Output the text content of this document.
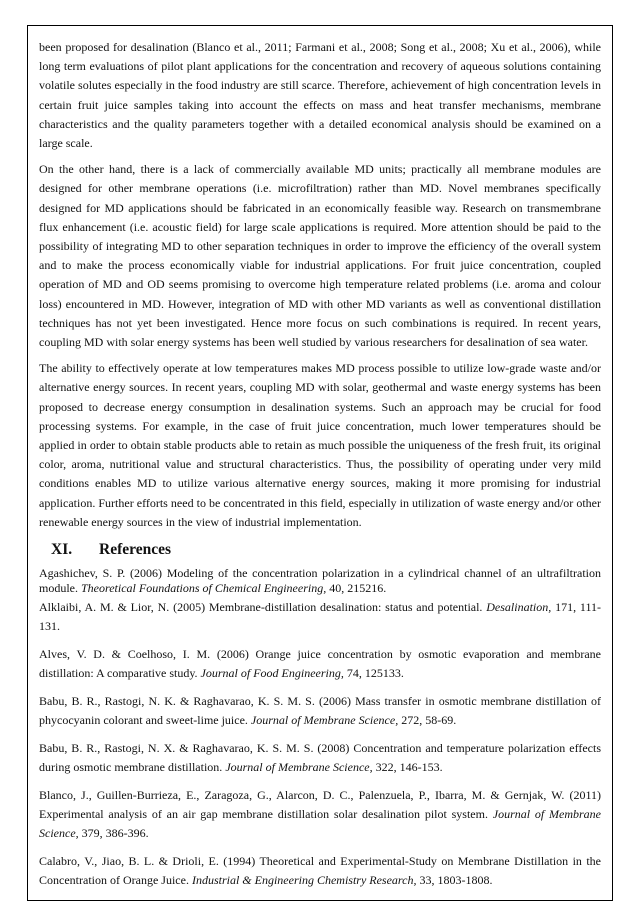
been proposed for desalination (Blanco et al., 2011; Farmani et al., 2008; Song et al., 2008; Xu et al., 2006), while long term evaluations of pilot plant applications for the concentration and recovery of aqueous solutions containing volatile solutes especially in the food industry are still scarce. Therefore, achievement of high concentration levels in certain fruit juice samples taking into account the effects on mass and heat transfer mechanisms, membrane characteristics and the quality parameters together with a detailed economical analysis should be examined on a large scale.

On the other hand, there is a lack of commercially available MD units; practically all membrane modules are designed for other membrane operations (i.e. microfiltration) rather than MD. Novel membranes specifically designed for MD applications should be fabricated in an economically feasible way. Research on transmembrane flux enhancement (i.e. acoustic field) for large scale applications is required. More attention should be paid to the possibility of integrating MD to other separation techniques in order to improve the efficiency of the overall system and to make the process economically viable for industrial applications. For fruit juice concentration, coupled operation of MD and OD seems promising to overcome high temperature related problems (i.e. aroma and colour loss) encountered in MD. However, integration of MD with other MD variants as well as conventional distillation techniques has not yet been investigated. Hence more focus on such combinations is required. In recent years, coupling MD with solar energy systems has been well studied by various researchers for desalination of sea water.

The ability to effectively operate at low temperatures makes MD process possible to utilize low-grade waste and/or alternative energy sources. In recent years, coupling MD with solar, geothermal and waste energy systems has been proposed to decrease energy consumption in desalination systems. Such an approach may be crucial for food processing systems. For example, in the case of fruit juice concentration, much lower temperatures should be applied in order to obtain stable products able to retain as much possible the uniqueness of the fresh fruit, its original color, aroma, nutritional value and structural characteristics. Thus, the possibility of operating under very mild conditions enables MD to utilize various alternative energy sources, making it more promising for industrial application. Further efforts need to be concentrated in this field, especially in utilization of waste energy and/or other renewable energy sources in the view of industrial implementation.

XI. References
Agashichev, S. P. (2006) Modeling of the concentration polarization in a cylindrical channel of an ultrafiltration module. Theoretical Foundations of Chemical Engineering, 40, 215216.
Alklaibi, A. M. & Lior, N. (2005) Membrane-distillation desalination: status and potential. Desalination, 171, 111-131.
Alves, V. D. & Coelhoso, I. M. (2006) Orange juice concentration by osmotic evaporation and membrane distillation: A comparative study. Journal of Food Engineering, 74, 125133.
Babu, B. R., Rastogi, N. K. & Raghavarao, K. S. M. S. (2006) Mass transfer in osmotic membrane distillation of phycocyanin colorant and sweet-lime juice. Journal of Membrane Science, 272, 58-69.
Babu, B. R., Rastogi, N. X. & Raghavarao, K. S. M. S. (2008) Concentration and temperature polarization effects during osmotic membrane distillation. Journal of Membrane Science, 322, 146-153.
Blanco, J., Guillen-Burrieza, E., Zaragoza, G., Alarcon, D. C., Palenzuela, P., Ibarra, M. & Gernjak, W. (2011) Experimental analysis of an air gap membrane distillation solar desalination pilot system. Journal of Membrane Science, 379, 386-396.
Calabro, V., Jiao, B. L. & Drioli, E. (1994) Theoretical and Experimental-Study on Membrane Distillation in the Concentration of Orange Juice. Industrial & Engineering Chemistry Research, 33, 1803-1808.
